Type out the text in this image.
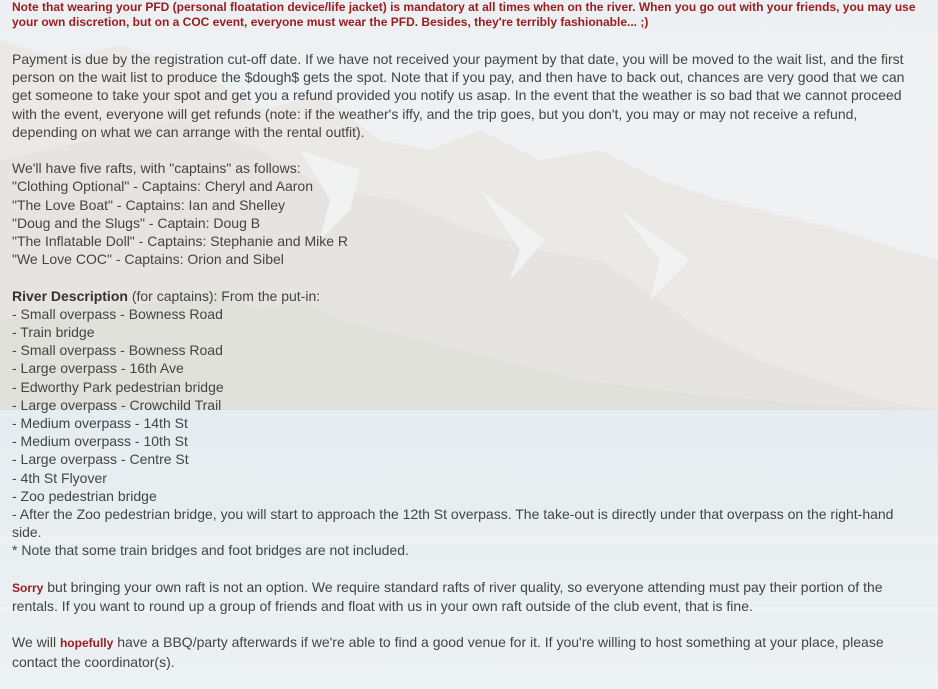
Note that wearing your PFD (personal floatation device/life jacket) is mandatory at all times when on the river. When you go out with your friends, you may use your own discretion, but on a COC event, everyone must wear the PFD. Besides, they're terribly fashionable... ;)

Payment is due by the registration cut-off date. If we have not received your payment by that date, you will be moved to the wait list, and the first person on the wait list to produce the $dough$ gets the spot. Note that if you pay, and then have to back out, chances are very good that we can get someone to take your spot and get you a refund provided you notify us asap. In the event that the weather is so bad that we cannot proceed with the event, everyone will get refunds (note: if the weather's iffy, and the trip goes, but you don't, you may or may not receive a refund, depending on what we can arrange with the rental outfit).

We'll have five rafts, with "captains" as follows:
"Clothing Optional" - Captains: Cheryl and Aaron
"The Love Boat" - Captains: Ian and Shelley
"Doug and the Slugs" - Captain: Doug B
"The Inflatable Doll" - Captains: Stephanie and Mike R
"We Love COC" - Captains: Orion and Sibel

River Description (for captains): From the put-in:
- Small overpass - Bowness Road
- Train bridge
- Small overpass - Bowness Road
- Large overpass - 16th Ave
- Edworthy Park pedestrian bridge
- Large overpass - Crowchild Trail
- Medium overpass - 14th St
- Medium overpass - 10th St
- Large overpass - Centre St
- 4th St Flyover
- Zoo pedestrian bridge
- After the Zoo pedestrian bridge, you will start to approach the 12th St overpass. The take-out is directly under that overpass on the right-hand side.
* Note that some train bridges and foot bridges are not included.

Sorry but bringing your own raft is not an option. We require standard rafts of river quality, so everyone attending must pay their portion of the rentals. If you want to round up a group of friends and float with us in your own raft outside of the club event, that is fine.

We will hopefully have a BBQ/party afterwards if we're able to find a good venue for it. If you're willing to host something at your place, please contact the coordinator(s).
